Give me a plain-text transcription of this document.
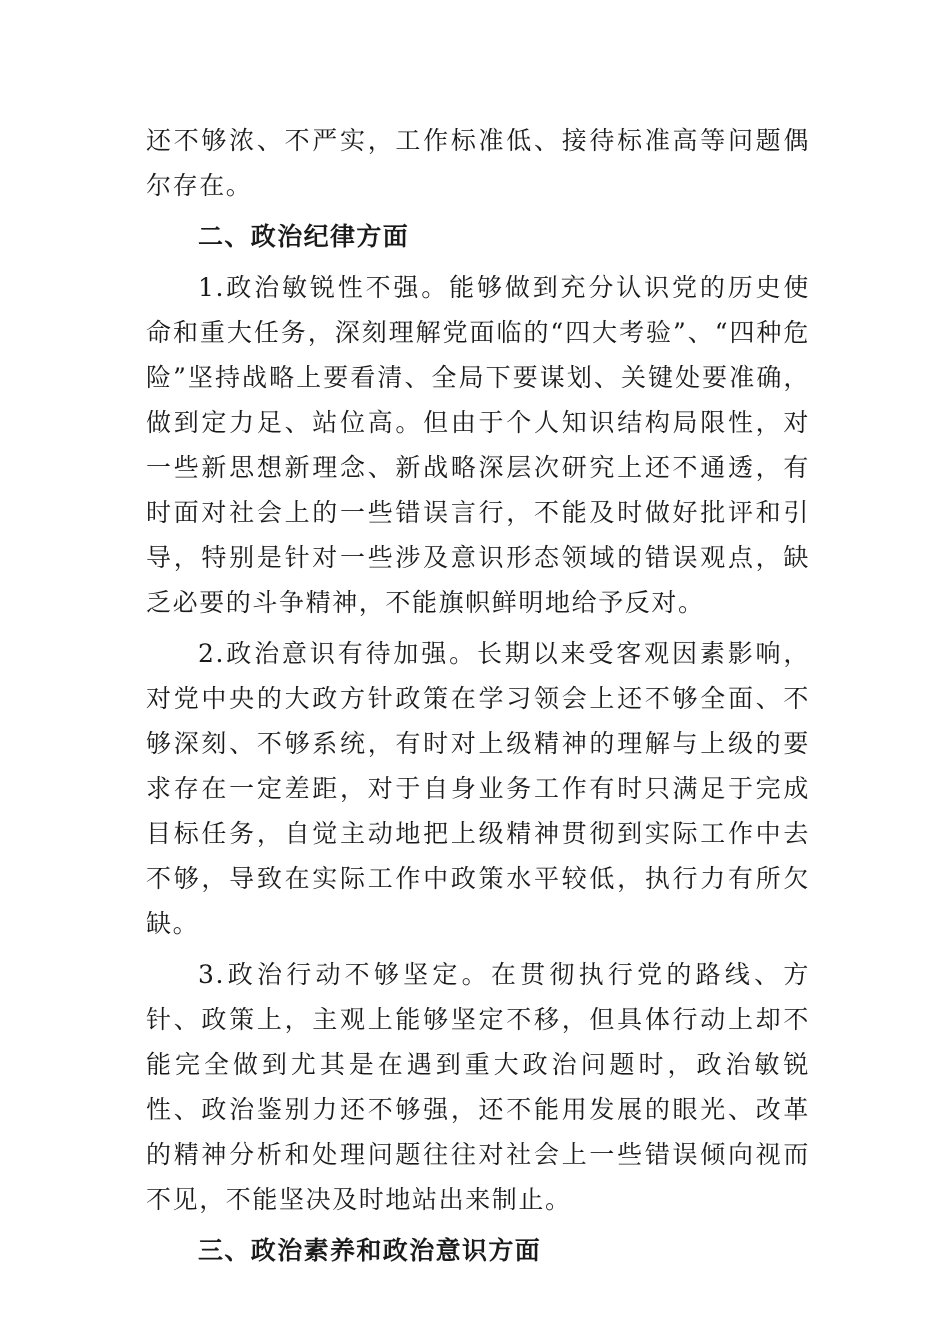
还不够浓、不严实，工作标准低、接待标准高等问题偶尔存在。

二、政治纪律方面

1.政治敏锐性不强。能够做到充分认识党的历史使命和重大任务，深刻理解党面临的“四大考验”、“四种危险”坚持战略上要看清、全局下要谋划、关键处要准确，做到定力足、站位高。但由于个人知识结构局限性，对一些新思想新理念、新战略深层次研究上还不通透，有时面对社会上的一些错误言行，不能及时做好批评和引导，特别是针对一些涉及意识形态领域的错误观点，缺乏必要的斗争精神，不能旗帜鲜明地给予反对。

2.政治意识有待加强。长期以来受客观因素影响，对党中央的大政方针政策在学习领会上还不够全面、不够深刻、不够系统，有时对上级精神的理解与上级的要求存在一定差距，对于自身业务工作有时只满足于完成目标任务，自觉主动地把上级精神贯彻到实际工作中去不够，导致在实际工作中政策水平较低，执行力有所欠缺。

3.政治行动不够坚定。在贯彻执行党的路线、方针、政策上，主观上能够坚定不移，但具体行动上却不能完全做到尤其是在遇到重大政治问题时，政治敏锐性、政治鉴别力还不够强，还不能用发展的眼光、改革的精神分析和处理问题往往对社会上一些错误倾向视而不见，不能坚决及时地站出来制止。

三、政治素养和政治意识方面
